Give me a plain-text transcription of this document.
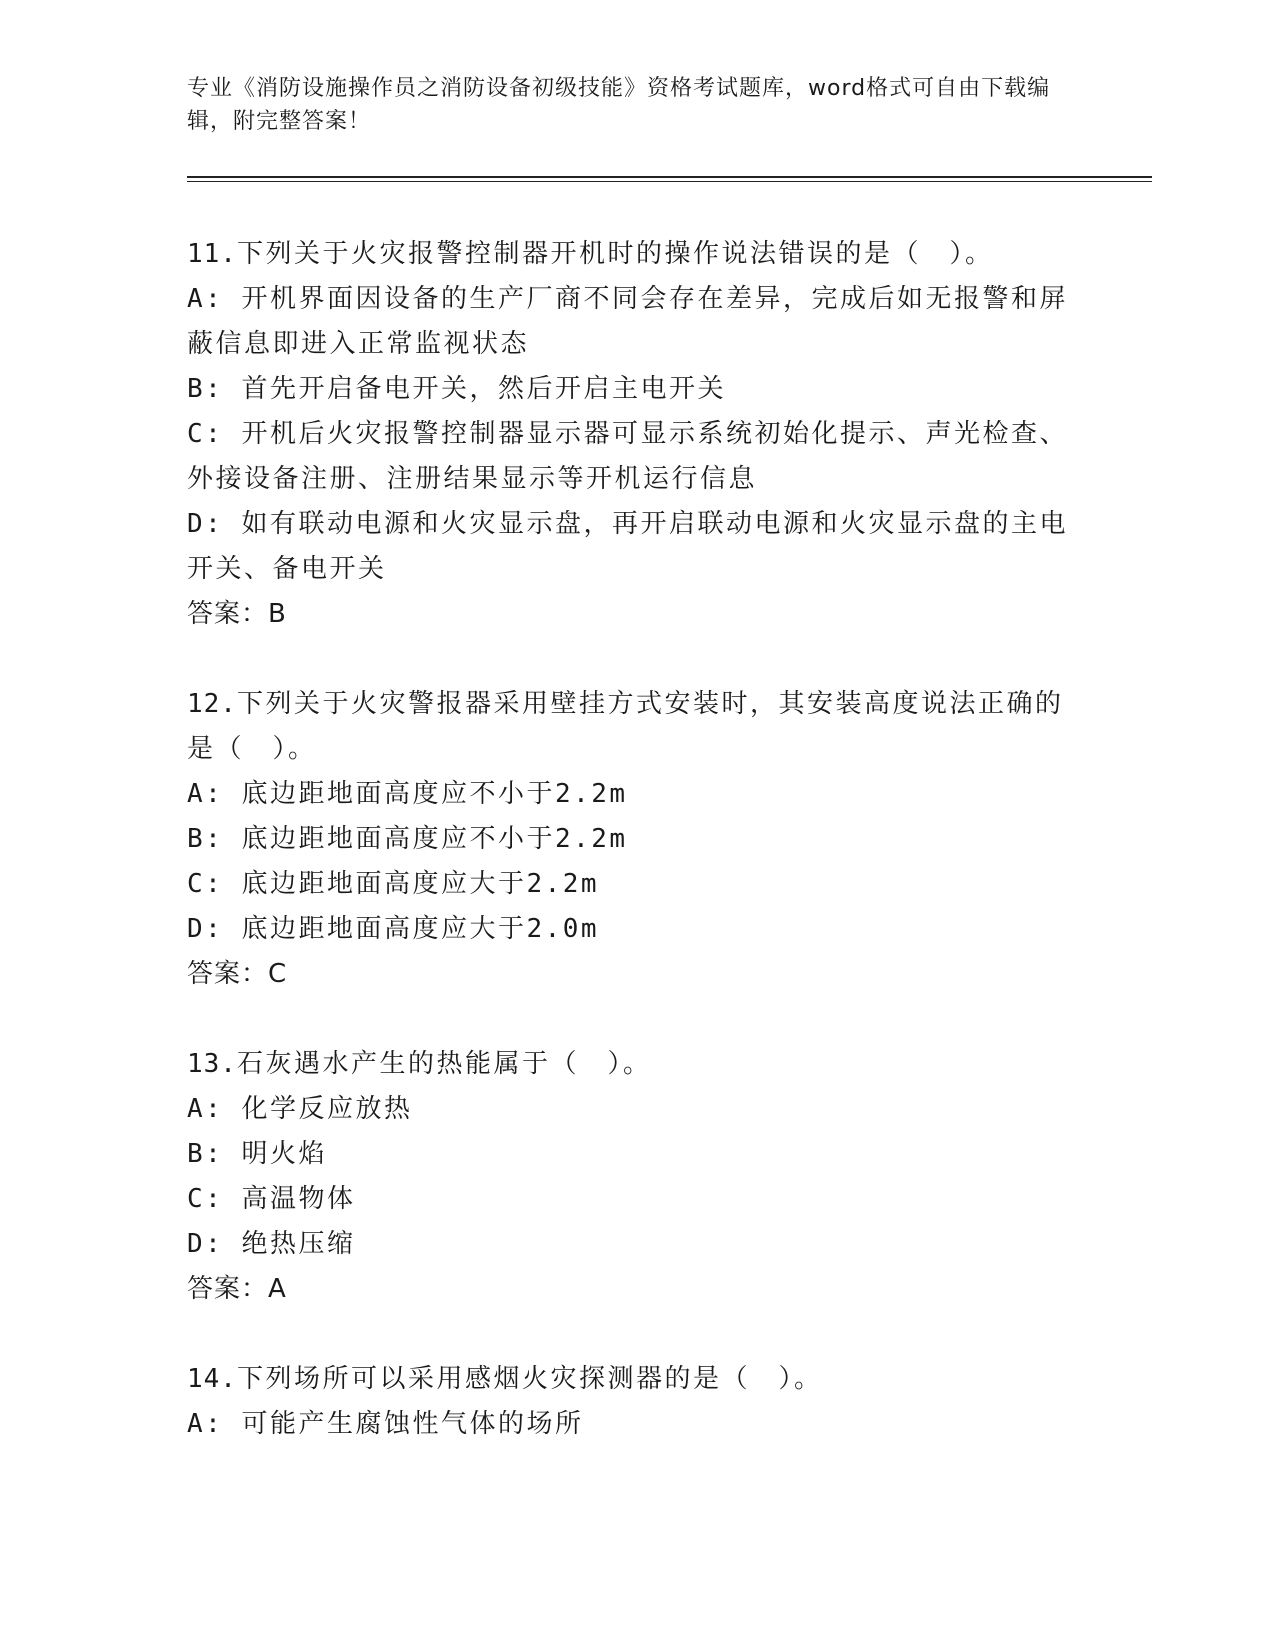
专业《消防设施操作员之消防设备初级技能》资格考试题库，word格式可自由下载编辑，附完整答案！

11.下列关于火灾报警控制器开机时的操作说法错误的是（　）。

A: 开机界面因设备的生产厂商不同会存在差异，完成后如无报警和屏蔽信息即进入正常监视状态

B: 首先开启备电开关，然后开启主电开关

C: 开机后火灾报警控制器显示器可显示系统初始化提示、声光检查、外接设备注册、注册结果显示等开机运行信息

D: 如有联动电源和火灾显示盘，再开启联动电源和火灾显示盘的主电开关、备电开关

答案：B

12.下列关于火灾警报器采用壁挂方式安装时，其安装高度说法正确的是（　）。

A: 底边距地面高度应不小于2.2m

B: 底边距地面高度应不小于2.2m

C: 底边距地面高度应大于2.2m

D: 底边距地面高度应大于2.0m

答案：C

13.石灰遇水产生的热能属于（　）。

A: 化学反应放热

B: 明火焰

C: 高温物体

D: 绝热压缩

答案：A

14.下列场所可以采用感烟火灾探测器的是（　）。

A: 可能产生腐蚀性气体的场所
